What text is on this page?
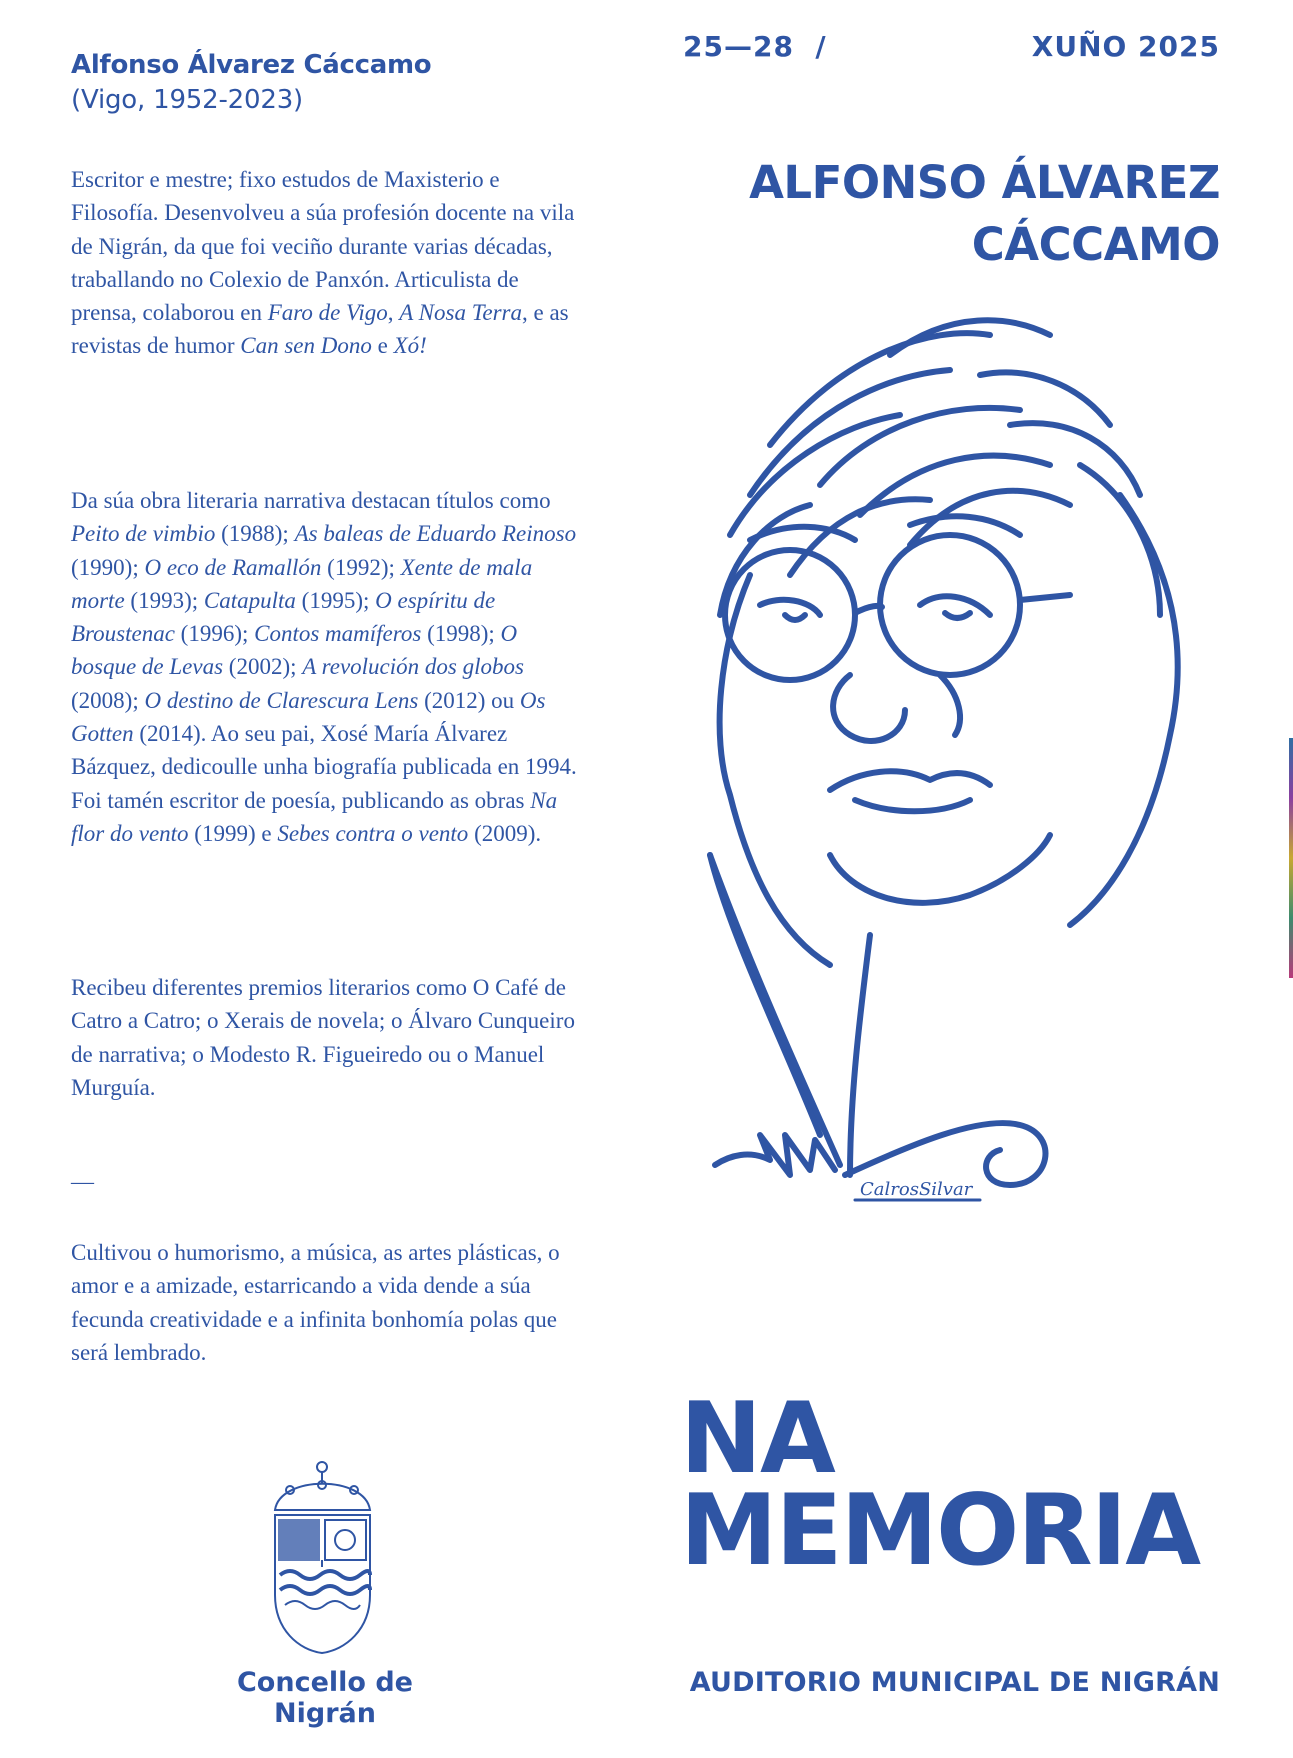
Alfonso Álvarez Cáccamo

(Vigo, 1952-2023)

Escritor e mestre; fixo estudos de Maxisterio e Filosofía. Desenvolveu a súa profesión docente na vila de Nigrán, da que foi veciño durante varias décadas, traballando no Colexio de Panxón. Articulista de prensa, colaborou en Faro de Vigo, A Nosa Terra, e as revistas de humor Can sen Dono e Xó!

Da súa obra literaria narrativa destacan títulos como Peito de vimbio (1988); As baleas de Eduardo Reinoso (1990); O eco de Ramallón (1992); Xente de mala morte (1993); Catapulta (1995); O espíritu de Broustenac (1996); Contos mamíferos (1998); O bosque de Levas (2002); A revolución dos globos (2008); O destino de Clarescura Lens (2012) ou Os Gotten (2014). Ao seu pai, Xosé María Álvarez Bázquez, dedicoulle unha biografía publicada en 1994. Foi tamén escritor de poesía, publicando as obras Na flor do vento (1999) e Sebes contra o vento (2009).

Recibeu diferentes premios literarios como O Café de Catro a Catro; o Xerais de novela; o Álvaro Cunqueiro de narrativa; o Modesto R. Figueiredo ou o Manuel Murguía.

—

Cultivou o humorismo, a música, as artes plásticas, o amor e a amizade, estarricando a vida dende a súa fecunda creatividade e a infinita bonhomía polas que será lembrado.

25—28  /	XUÑO 2025
ALFONSO ÁLVAREZ
CÁCCAMO
CalrosSilvar
NA
MEMORIA
AUDITORIO MUNICIPAL DE NIGRÁN
Concello de Nigrán
